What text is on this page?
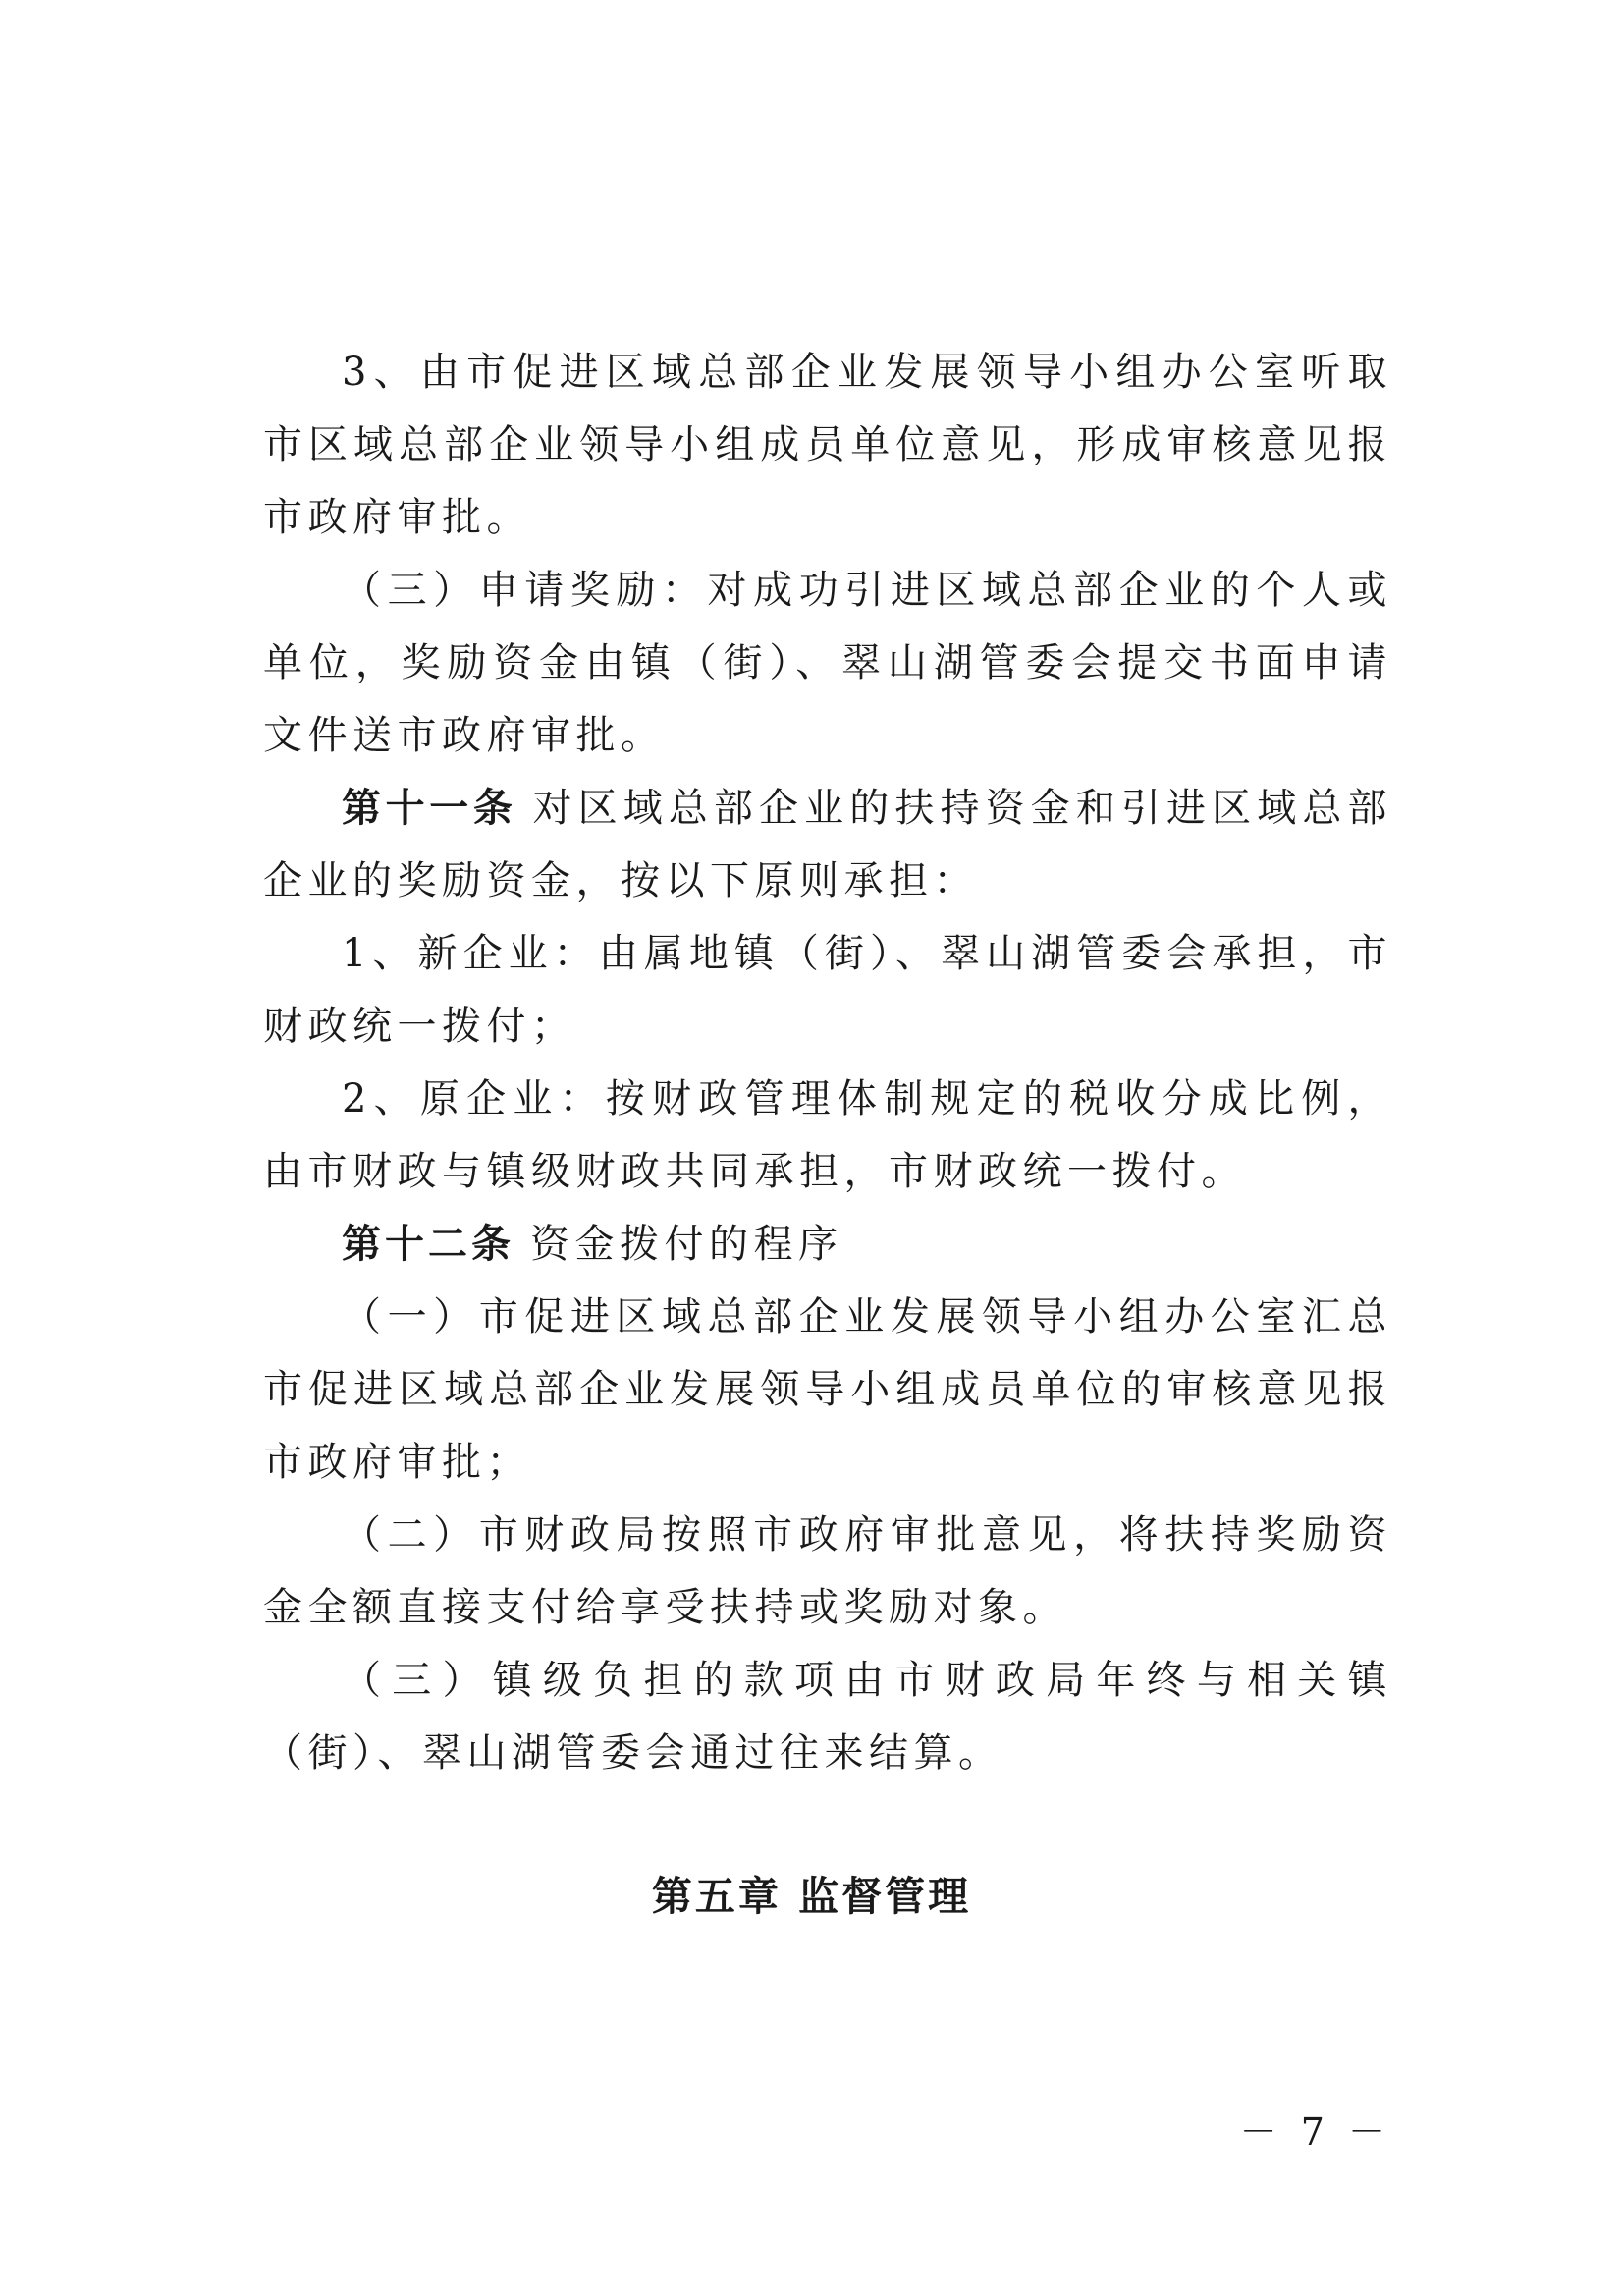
3、由市促进区域总部企业发展领导小组办公室听取市区域总部企业领导小组成员单位意见，形成审核意见报市政府审批。

（三）申请奖励：对成功引进区域总部企业的个人或单位，奖励资金由镇（街）、翠山湖管委会提交书面申请文件送市政府审批。

第十一条 对区域总部企业的扶持资金和引进区域总部企业的奖励资金，按以下原则承担：

1、新企业：由属地镇（街）、翠山湖管委会承担，市财政统一拨付；

2、原企业：按财政管理体制规定的税收分成比例，由市财政与镇级财政共同承担，市财政统一拨付。

第十二条 资金拨付的程序

（一）市促进区域总部企业发展领导小组办公室汇总市促进区域总部企业发展领导小组成员单位的审核意见报市政府审批；

（二）市财政局按照市政府审批意见，将扶持奖励资金全额直接支付给享受扶持或奖励对象。

（三）镇级负担的款项由市财政局年终与相关镇（街）、翠山湖管委会通过往来结算。

第五章 监督管理
－ 7 －
